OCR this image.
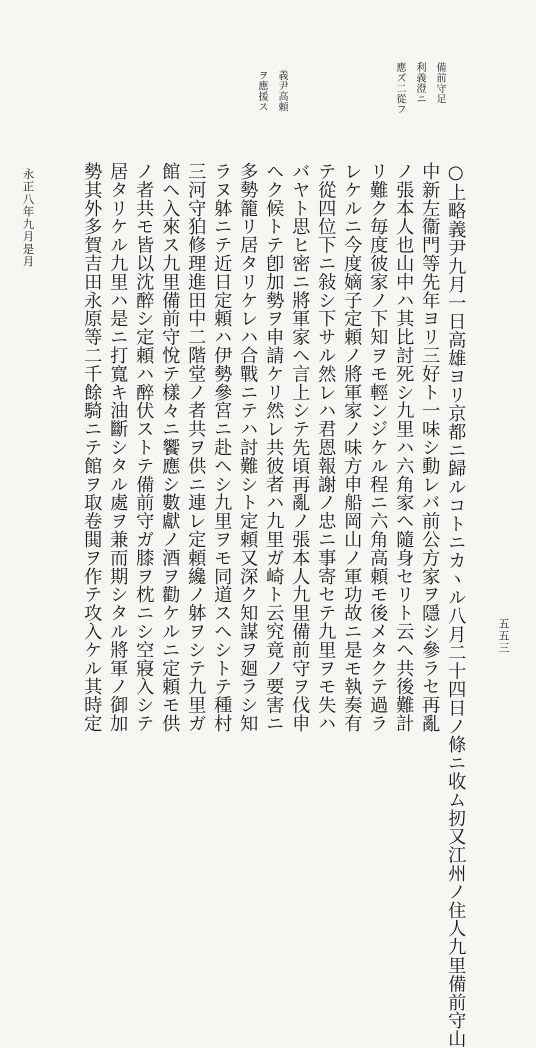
五五三
備前守足
利義澄ニ
應ズ二從フ
義尹高頼
ヲ應援ス
○上略義尹九月一日高雄ヨリ京都ニ歸ルコトニカヽル八月二十四日ノ條ニ收ム扨又江州ノ住人九里備前守山
中新左衞門等先年ヨリ三好ト一味シ動レバ前公方家ヲ隱シ參ラセ再亂
ノ張本人也山中ハ其比討死シ九里ハ六角家ヘ隨身セリト云ヘ共後難計
リ難ク毎度彼家ノ下知ヲモ輕ンジケル程ニ六角高頼モ後メタクテ過ラ
レケルニ今度嫡子定頼ノ將軍家ノ味方申船岡山ノ軍功故ニ是モ執奏有
テ從四位下ニ敍シ下サル然レハ君恩報謝ノ忠ニ事寄セテ九里ヲモ失ハ
バヤト思ヒ密ニ將軍家ヘ言上シテ先頃再亂ノ張本人九里備前守ヲ伐申
ヘク候トテ卽加勢ヲ申請ケリ然レ共彼者ハ九里ガ崎ト云究竟ノ要害ニ
多勢籠リ居タリケレハ合戰ニテハ討難シト定頼又深ク知謀ヲ廻ラシ知
ラヌ躰ニテ近日定頼ハ伊勢參宮ニ赴ヘシ九里ヲモ同道スヘシトテ種村
三河守狛修理進田中二階堂ノ者共ヲ供ニ連レ定頼纔ノ躰ヲシテ九里ガ
館ヘ入來ス九里備前守悅テ樣々ニ饗應シ數獻ノ酒ヲ勸ケルニ定頼モ供
ノ者共モ皆以沈醉シ定頼ハ醉伏ストテ備前守ガ膝ヲ枕ニシ空寢入シテ
居タリケル九里ハ是ニ打寬キ油斷シタル處ヲ兼而期シタル將軍ノ御加
勢其外多賀吉田永原等二千餘騎ニテ館ヲ取卷閧ヲ作テ攻入ケル其時定
永正八年九月是月
